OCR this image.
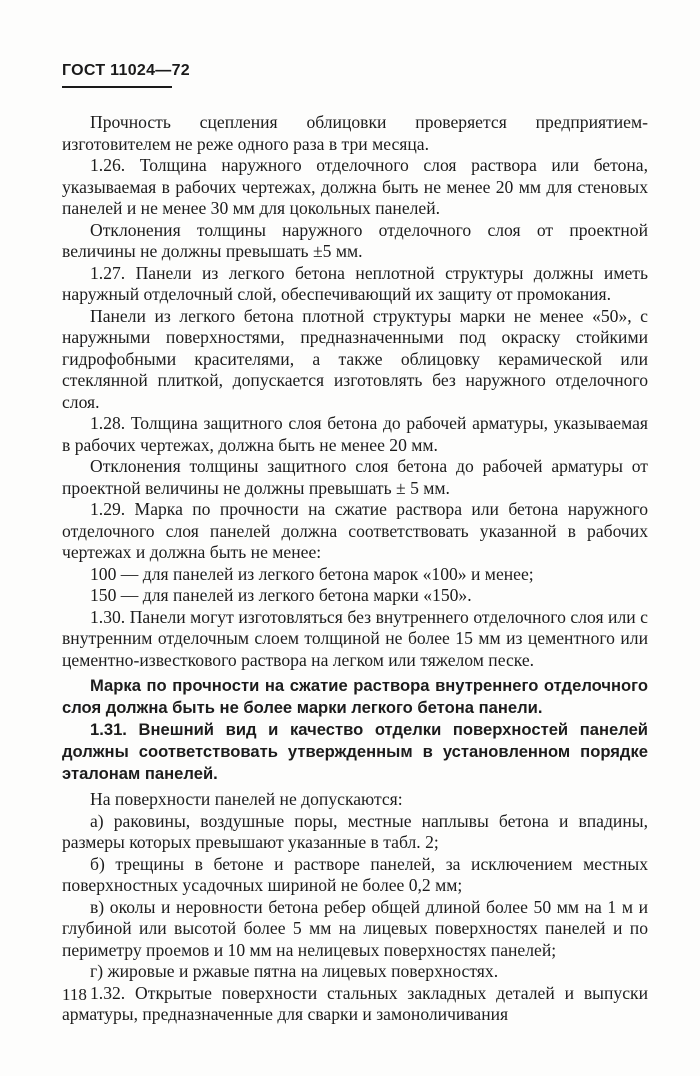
ГОСТ 11024—72

Прочность сцепления облицовки проверяется предприятием-изготовителем не реже одного раза в три месяца.

1.26. Толщина наружного отделочного слоя раствора или бетона, указываемая в рабочих чертежах, должна быть не менее 20 мм для стеновых панелей и не менее 30 мм для цокольных панелей.

Отклонения толщины наружного отделочного слоя от проектной величины не должны превышать ±5 мм.

1.27. Панели из легкого бетона неплотной структуры должны иметь наружный отделочный слой, обеспечивающий их защиту от промокания.

Панели из легкого бетона плотной структуры марки не менее «50», с наружными поверхностями, предназначенными под окраску стойкими гидрофобными красителями, а также облицовку керамической или стеклянной плиткой, допускается изготовлять без наружного отделочного слоя.

1.28. Толщина защитного слоя бетона до рабочей арматуры, указываемая в рабочих чертежах, должна быть не менее 20 мм.

Отклонения толщины защитного слоя бетона до рабочей арматуры от проектной величины не должны превышать ± 5 мм.

1.29. Марка по прочности на сжатие раствора или бетона наружного отделочного слоя панелей должна соответствовать указанной в рабочих чертежах и должна быть не менее:

100 — для панелей из легкого бетона марок «100» и менее;

150 — для панелей из легкого бетона марки «150».

1.30. Панели могут изготовляться без внутреннего отделочного слоя или с внутренним отделочным слоем толщиной не более 15 мм из цементного или цементно-известкового раствора на легком или тяжелом песке.

Марка по прочности на сжатие раствора внутреннего отделочного слоя должна быть не более марки легкого бетона панели.

1.31. Внешний вид и качество отделки поверхностей панелей должны соответствовать утвержденным в установленном порядке эталонам панелей.

На поверхности панелей не допускаются:

а) раковины, воздушные поры, местные наплывы бетона и впадины, размеры которых превышают указанные в табл. 2;

б) трещины в бетоне и растворе панелей, за исключением местных поверхностных усадочных шириной не более 0,2 мм;

в) околы и неровности бетона ребер общей длиной более 50 мм на 1 м и глубиной или высотой более 5 мм на лицевых поверхностях панелей и по периметру проемов и 10 мм на нелицевых поверхностях панелей;

г) жировые и ржавые пятна на лицевых поверхностях.

1.32. Открытые поверхности стальных закладных деталей и выпуски арматуры, предназначенные для сварки и замоноличивания

118
